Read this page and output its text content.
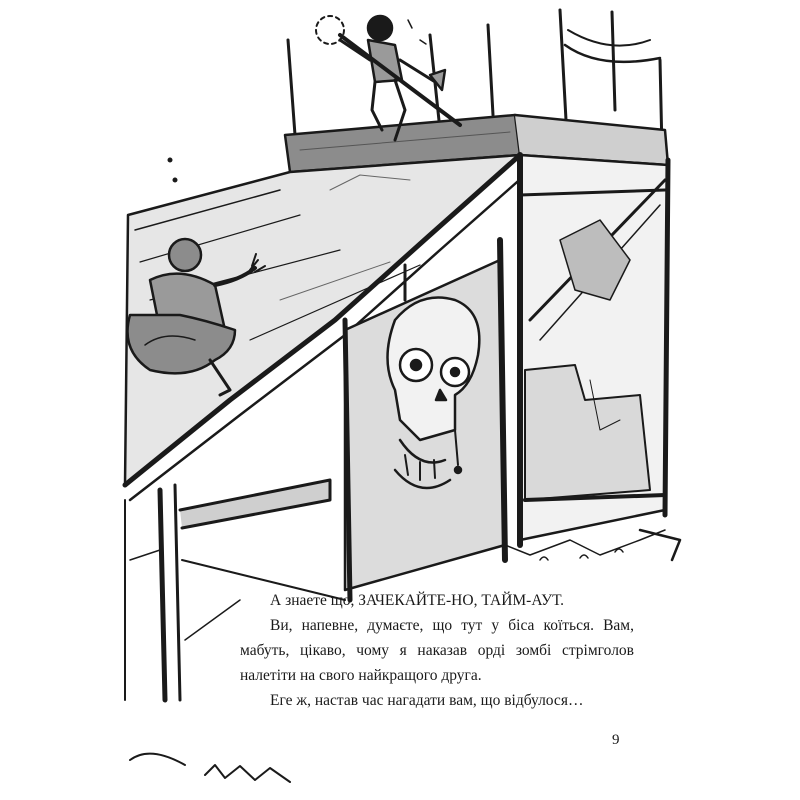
А знаете що, ЗАЧЕКАЙТЕ-НО, ТАЙМ-АУТ.

Ви, напевне, думаєте, що тут у біса коїться. Вам, мабуть, цікаво, чому я наказав орді зомбі стрімголов налетіти на свого найкращого друга.

Еге ж, настав час нагадати вам, що відбулося…

9
